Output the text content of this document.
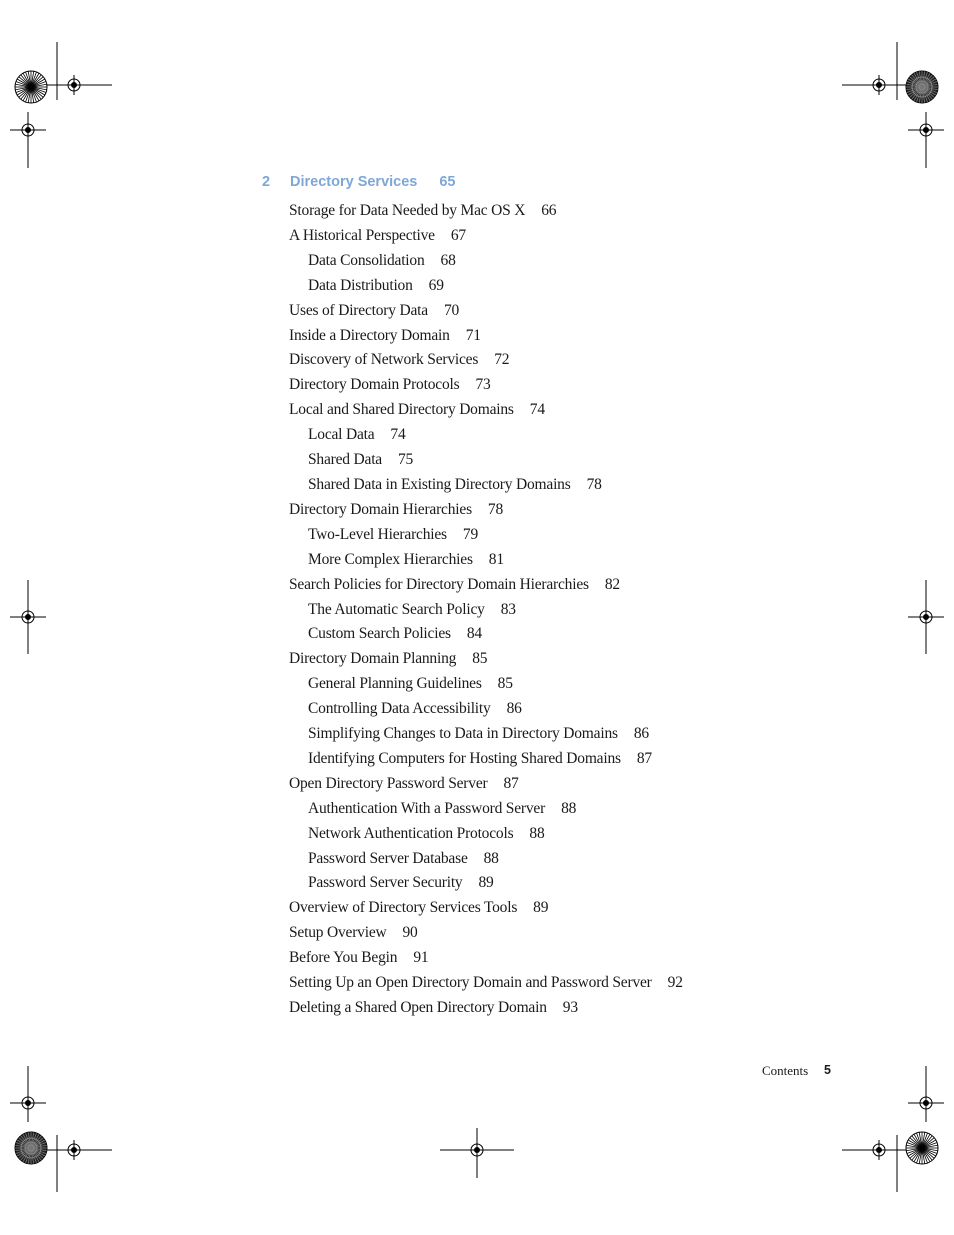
2 Directory Services 65
Storage for Data Needed by Mac OS X 66
A Historical Perspective 67
Data Consolidation 68
Data Distribution 69
Uses of Directory Data 70
Inside a Directory Domain 71
Discovery of Network Services 72
Directory Domain Protocols 73
Local and Shared Directory Domains 74
Local Data 74
Shared Data 75
Shared Data in Existing Directory Domains 78
Directory Domain Hierarchies 78
Two-Level Hierarchies 79
More Complex Hierarchies 81
Search Policies for Directory Domain Hierarchies 82
The Automatic Search Policy 83
Custom Search Policies 84
Directory Domain Planning 85
General Planning Guidelines 85
Controlling Data Accessibility 86
Simplifying Changes to Data in Directory Domains 86
Identifying Computers for Hosting Shared Domains 87
Open Directory Password Server 87
Authentication With a Password Server 88
Network Authentication Protocols 88
Password Server Database 88
Password Server Security 89
Overview of Directory Services Tools 89
Setup Overview 90
Before You Begin 91
Setting Up an Open Directory Domain and Password Server 92
Deleting a Shared Open Directory Domain 93
Contents 5
